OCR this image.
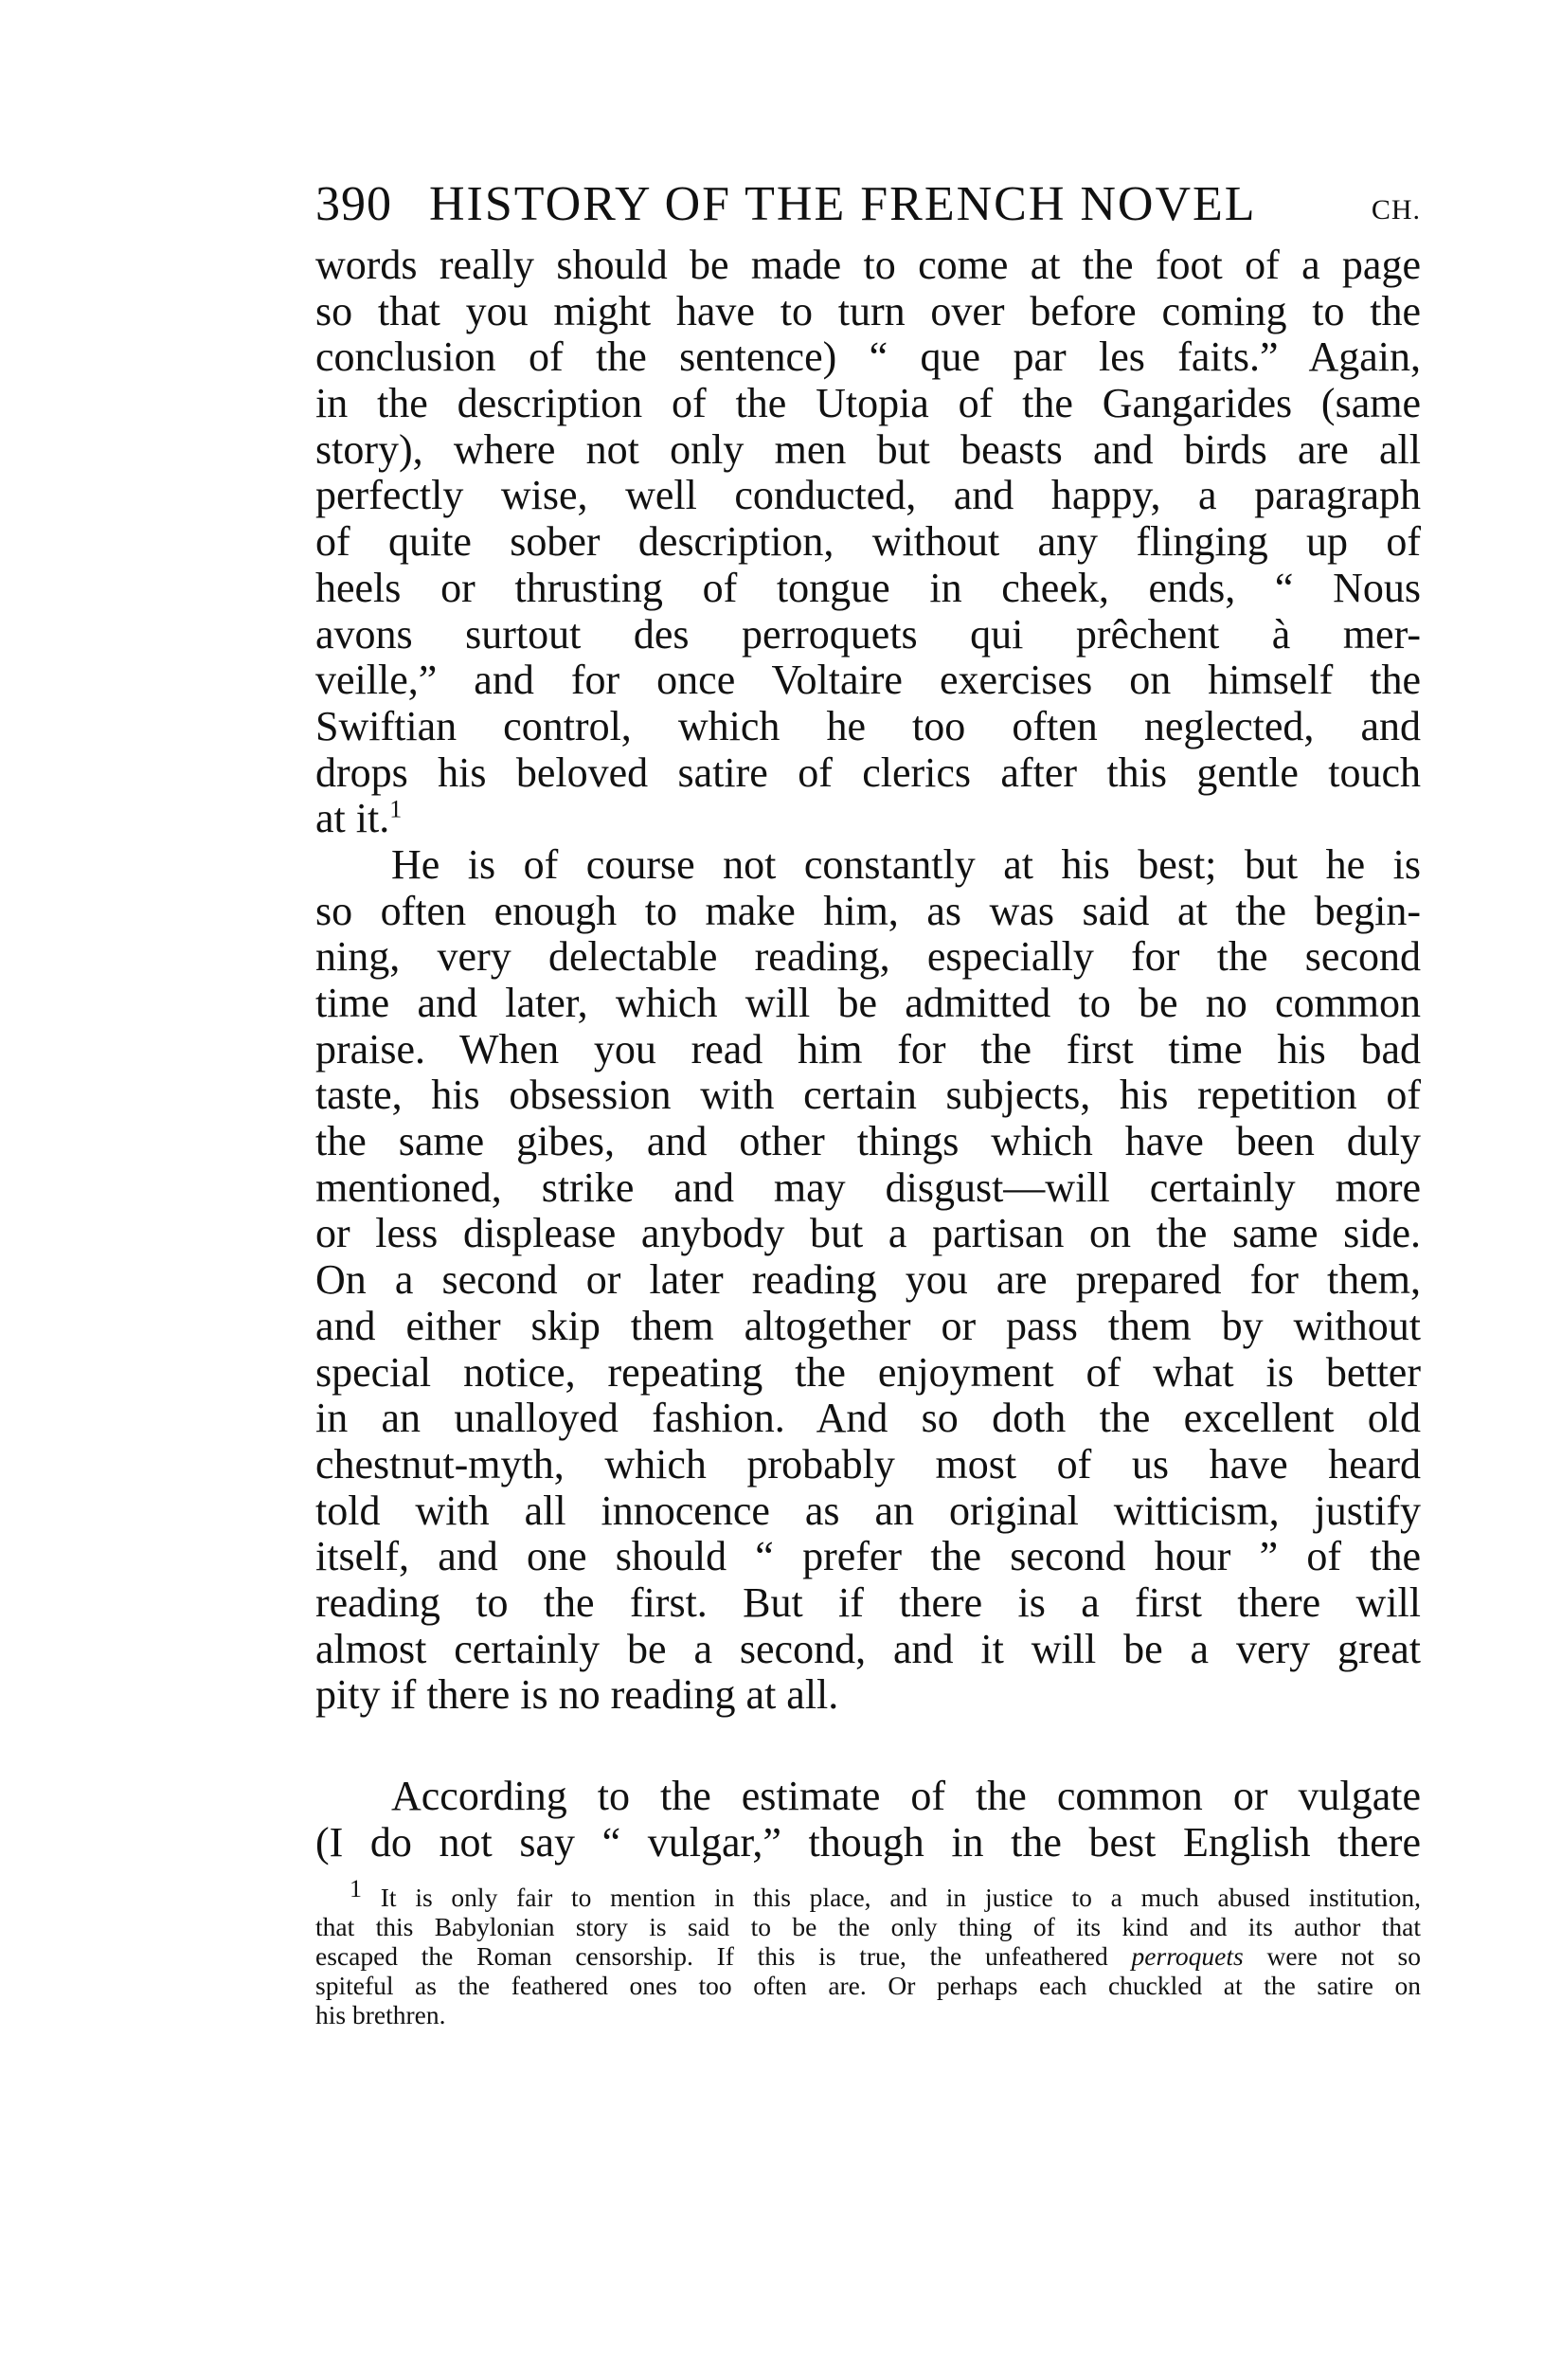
390 HISTORY OF THE FRENCH NOVEL	CH.
words really should be made to come at the foot of a page
so that you might have to turn over before coming to the
conclusion of the sentence) “ que par les faits.” Again,
in the description of the Utopia of the Gangarides (same
story), where not only men but beasts and birds are all
perfectly wise, well conducted, and happy, a paragraph
of quite sober description, without any flinging up of
heels or thrusting of tongue in cheek, ends, “ Nous
avons surtout des perroquets qui prêchent à mer-
veille,” and for once Voltaire exercises on himself the
Swiftian control, which he too often neglected, and
drops his beloved satire of clerics after this gentle touch
at it.$^1$
He is of course not constantly at his best; but he is
so often enough to make him, as was said at the begin-
ning, very delectable reading, especially for the second
time and later, which will be admitted to be no common
praise. When you read him for the first time his bad
taste, his obsession with certain subjects, his repetition of
the same gibes, and other things which have been duly
mentioned, strike and may disgust—will certainly more
or less displease anybody but a partisan on the same side.
On a second or later reading you are prepared for them,
and either skip them altogether or pass them by without
special notice, repeating the enjoyment of what is better
in an unalloyed fashion. And so doth the excellent old
chestnut-myth, which probably most of us have heard
told with all innocence as an original witticism, justify
itself, and one should “ prefer the second hour ” of the
reading to the first. But if there is a first there will
almost certainly be a second, and it will be a very great
pity if there is no reading at all.
According to the estimate of the common or vulgate
(I do not say “ vulgar,” though in the best English there
$^1$ It is only fair to mention in this place, and in justice to a much abused institution,
that this Babylonian story is said to be the only thing of its kind and its author that
escaped the Roman censorship. If this is true, the unfeathered perroquets were not so
spiteful as the feathered ones too often are. Or perhaps each chuckled at the satire on
his brethren.
